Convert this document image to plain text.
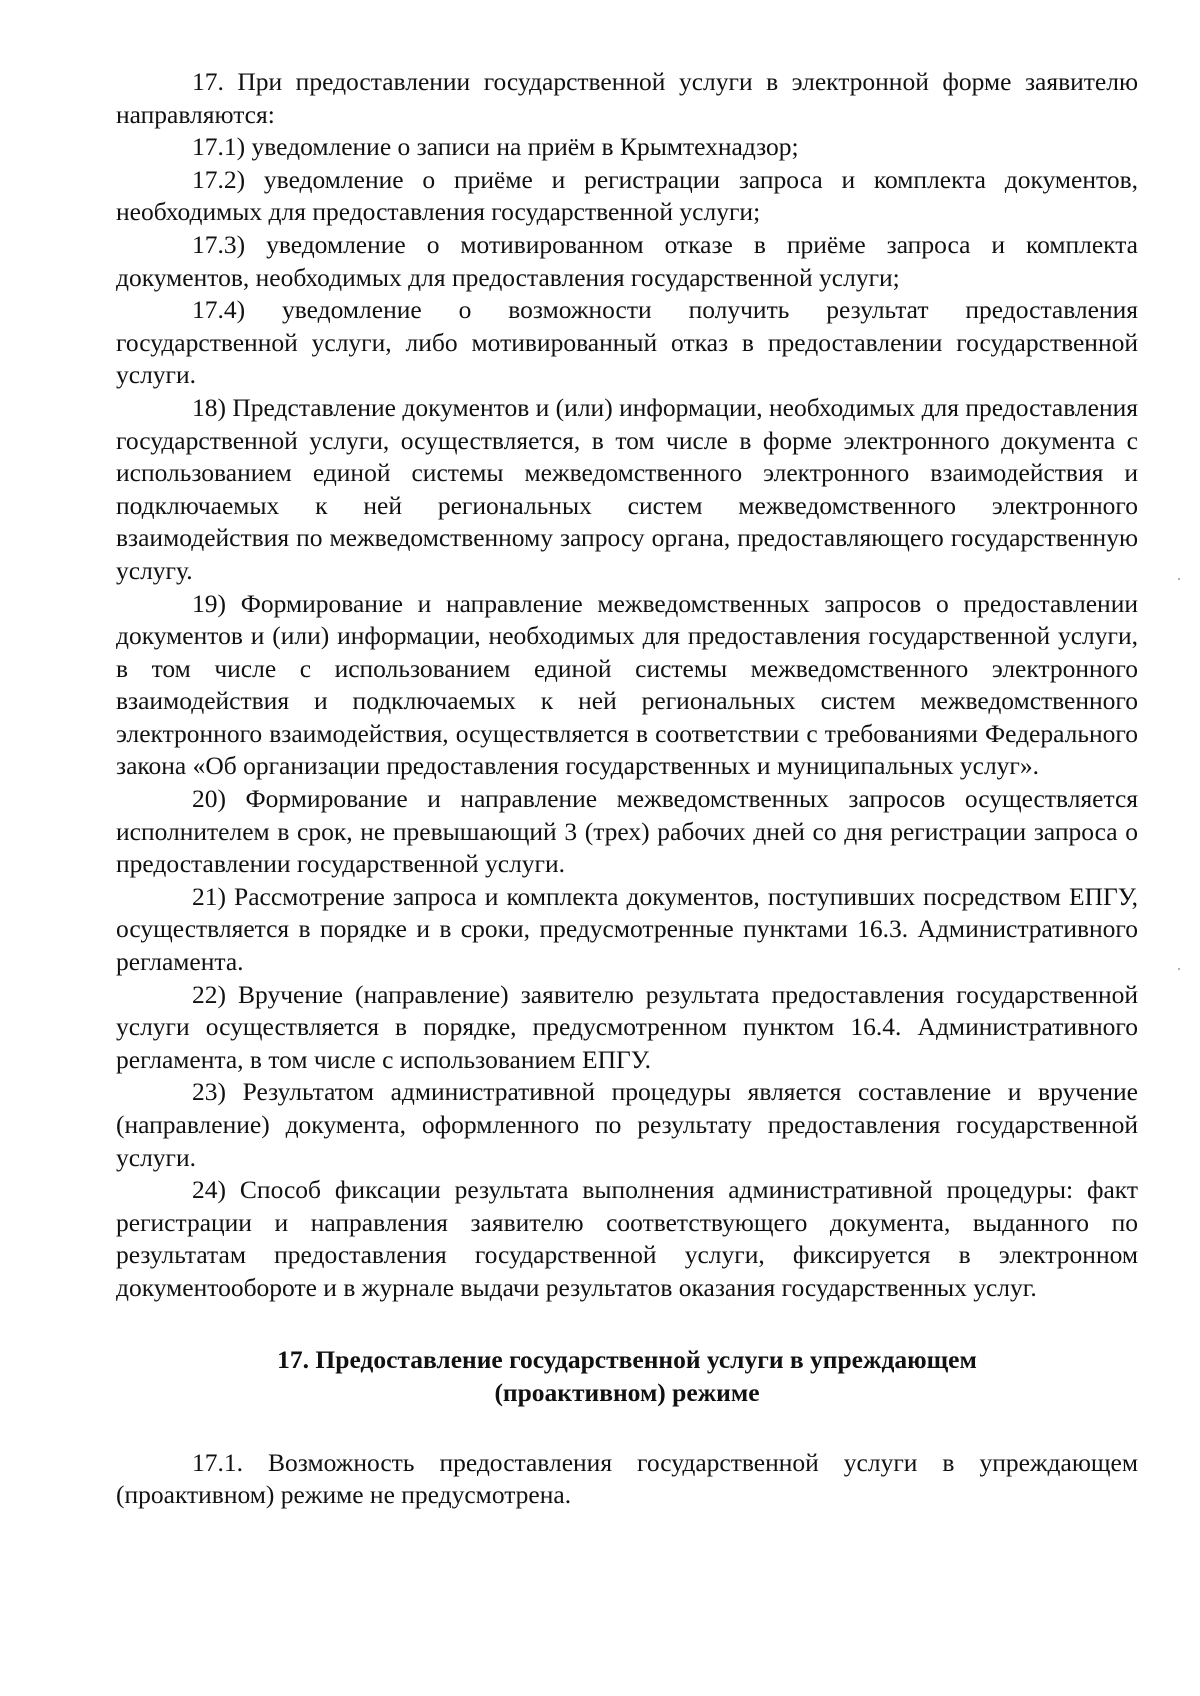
17. При предоставлении государственной услуги в электронной форме заявителю направляются:

17.1) уведомление о записи на приём в Крымтехнадзор;

17.2) уведомление о приёме и регистрации запроса и комплекта документов, необходимых для предоставления государственной услуги;

17.3) уведомление о мотивированном отказе в приёме запроса и комплекта документов, необходимых для предоставления государственной услуги;

17.4) уведомление о возможности получить результат предоставления государственной услуги, либо мотивированный отказ в предоставлении государственной услуги.

18) Представление документов и (или) информации, необходимых для предоставления государственной услуги, осуществляется, в том числе в форме электронного документа с использованием единой системы межведомственного электронного взаимодействия и подключаемых к ней региональных систем межведомственного электронного взаимодействия по межведомственному запросу органа, предоставляющего государственную услугу.

19) Формирование и направление межведомственных запросов о предоставлении документов и (или) информации, необходимых для предоставления государственной услуги, в том числе с использованием единой системы межведомственного электронного взаимодействия и подключаемых к ней региональных систем межведомственного электронного взаимодействия, осуществляется в соответствии с требованиями Федерального закона «Об организации предоставления государственных и муниципальных услуг».

20) Формирование и направление межведомственных запросов осуществляется исполнителем в срок, не превышающий 3 (трех) рабочих дней со дня регистрации запроса о предоставлении государственной услуги.

21) Рассмотрение запроса и комплекта документов, поступивших посредством ЕПГУ, осуществляется в порядке и в сроки, предусмотренные пунктами 16.3. Административного регламента.

22) Вручение (направление) заявителю результата предоставления государственной услуги осуществляется в порядке, предусмотренном пунктом 16.4. Административного регламента, в том числе с использованием ЕПГУ.

23) Результатом административной процедуры является составление и вручение (направление) документа, оформленного по результату предоставления государственной услуги.

24) Способ фиксации результата выполнения административной процедуры: факт регистрации и направления заявителю соответствующего документа, выданного по результатам предоставления государственной услуги, фиксируется в электронном документообороте и в журнале выдачи результатов оказания государственных услуг.

17. Предоставление государственной услуги в упреждающем (проактивном) режиме

17.1. Возможность предоставления государственной услуги в упреждающем (проактивном) режиме не предусмотрена.
